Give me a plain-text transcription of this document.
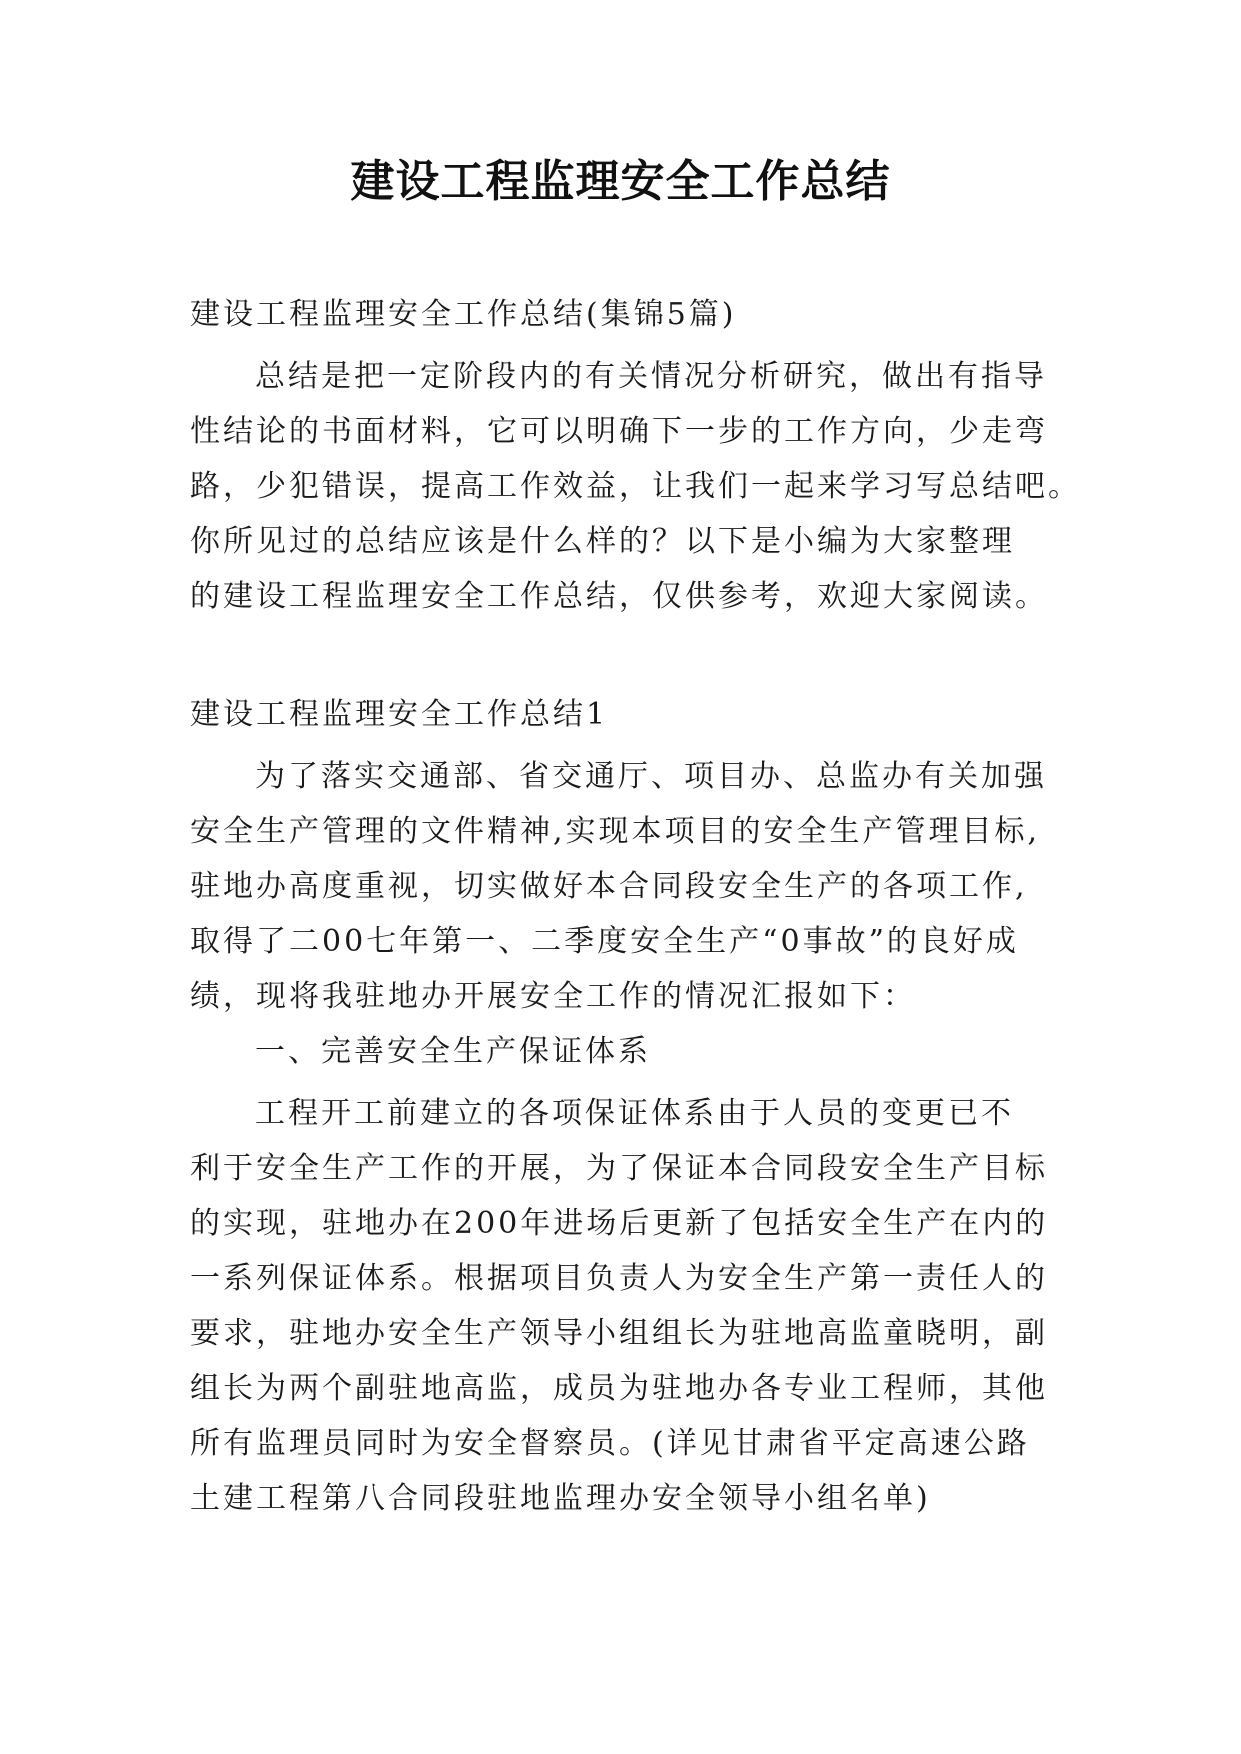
建设工程监理安全工作总结
建设工程监理安全工作总结(集锦5篇)
总结是把一定阶段内的有关情况分析研究，做出有指导
性结论的书面材料，它可以明确下一步的工作方向，少走弯
路，少犯错误，提高工作效益，让我们一起来学习写总结吧。
你所见过的总结应该是什么样的？以下是小编为大家整理
的建设工程监理安全工作总结，仅供参考，欢迎大家阅读。
建设工程监理安全工作总结1
为了落实交通部、省交通厅、项目办、总监办有关加强
安全生产管理的文件精神,实现本项目的安全生产管理目标,
驻地办高度重视，切实做好本合同段安全生产的各项工作,
取得了二00七年第一、二季度安全生产“0事故”的良好成
绩，现将我驻地办开展安全工作的情况汇报如下：
一、完善安全生产保证体系
工程开工前建立的各项保证体系由于人员的变更已不
利于安全生产工作的开展，为了保证本合同段安全生产目标
的实现，驻地办在200年进场后更新了包括安全生产在内的
一系列保证体系。根据项目负责人为安全生产第一责任人的
要求，驻地办安全生产领导小组组长为驻地高监童晓明，副
组长为两个副驻地高监，成员为驻地办各专业工程师，其他
所有监理员同时为安全督察员。(详见甘肃省平定高速公路
土建工程第八合同段驻地监理办安全领导小组名单)
